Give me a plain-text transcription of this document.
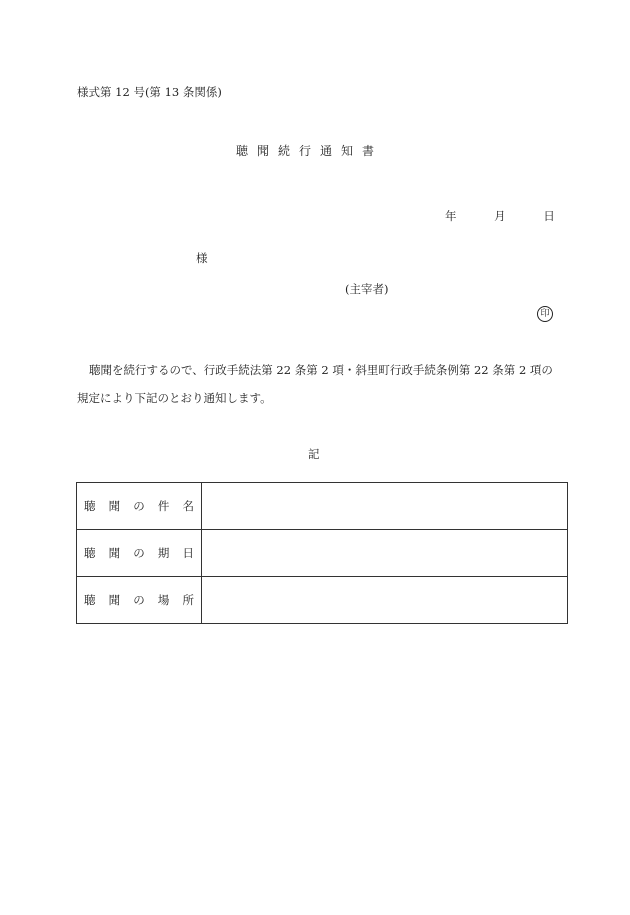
様式第 12 号(第 13 条関係)
聴聞続行通知書
年	月	日
様
(主宰者)
印
聴聞を続行するので、行政手続法第 22 条第 2 項・斜里町行政手続条例第 22 条第 2 項の
規定により下記のとおり通知します。
記
聴 聞 の 件 名	

聴 聞 の 期 日	

聴 聞 の 場 所	
